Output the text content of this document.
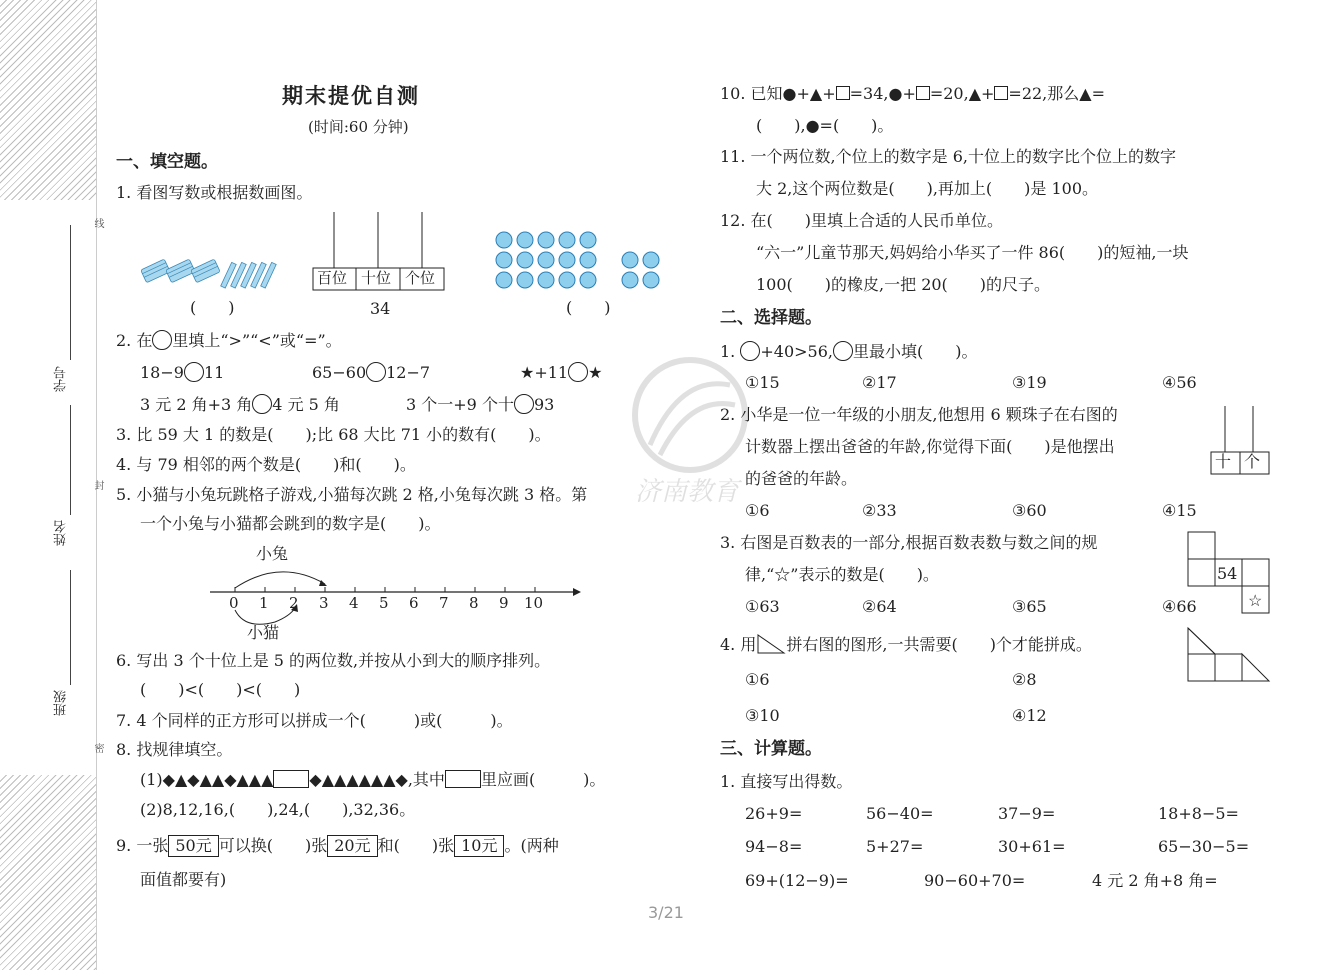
学号
姓名
班级
线
封
密
济南教育
期末提优自测
(时间:60 分钟)
一、填空题。
1. 看图写数或根据数画图。
(　　)
百位 十位 个位
34	(　　)
2. 在 里填上“>”“<”或“=”。
18−9 11	65−60 12−7	★+11 ★
3 元 2 角+3 角 4 元 5 角	3 个一+9 个十 93
3. 比 59 大 1 的数是(　　);比 68 大比 71 小的数有(　　)。
4. 与 79 相邻的两个数是(　　)和(　　)。
5. 小猫与小兔玩跳格子游戏,小猫每次跳 2 格,小兔每次跳 3 格。第
一个小兔与小猫都会跳到的数字是(　　)。
小兔
小猫
0 1 2 3 4 5 6 7 8 9 10
6. 写出 3 个十位上是 5 的两位数,并按从小到大的顺序排列。
(　　)<(　　)<(　　)
7. 4 个同样的正方形可以拼成一个(　　　)或(　　　)。
8. 找规律填空。
(1)◆▲◆▲▲◆▲▲▲ ◆▲▲▲▲▲▲◆,其中 里应画(　　　)。
(2)8,12,16,(　　),24,(　　),32,36。
9. 一张 50元 可以换(　　)张 20元 和(　　)张 10元 。(两种
面值都要有)
10. 已知●+▲+ =34,●+ =20,▲+ =22,那么▲=
(　　),●=(　　)。
11. 一个两位数,个位上的数字是 6,十位上的数字比个位上的数字
大 2,这个两位数是(　　),再加上(　　)是 100。
12. 在(　　)里填上合适的人民币单位。
“六一”儿童节那天,妈妈给小华买了一件 86(　　)的短袖,一块
100(　　)的橡皮,一把 20(　　)的尺子。
二、选择题。
1. +40>56, 里最小填(　　)。
①15	②17	③19	④56
2. 小华是一位一年级的小朋友,他想用 6 颗珠子在右图的
计数器上摆出爸爸的年龄,你觉得下面(　　)是他摆出
的爸爸的年龄。
十 个
①6	②33	③60	④15
3. 右图是百数表的一部分,根据百数表数与数之间的规
律,“☆”表示的数是(　　)。	54
☆
①63	②64	③65	④66
4. 用 拼右图的图形,一共需要(　　)个才能拼成。
①6	②8
③10	④12
三、计算题。
1. 直接写出得数。
26+9=	56−40=	37−9=	18+8−5=
94−8=	5+27=	30+61=	65−30−5=
69+(12−9)=	90−60+70=	4 元 2 角+8 角=
3/21
